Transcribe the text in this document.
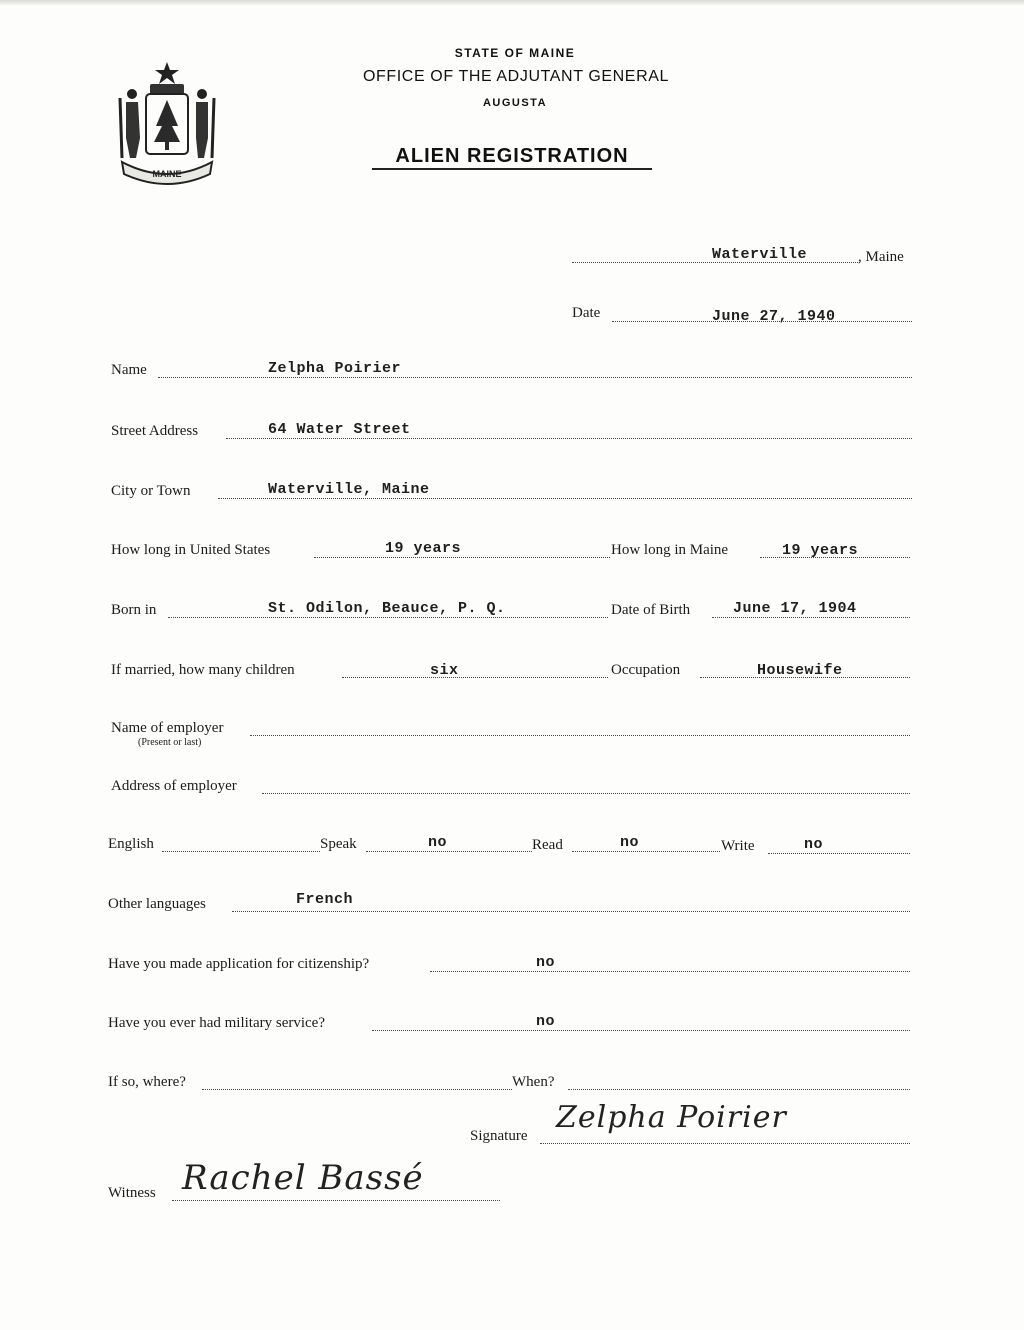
MAINE
STATE OF MAINE
OFFICE OF THE ADJUTANT GENERAL
AUGUSTA
ALIEN REGISTRATION
Waterville	, Maine
Date	June 27, 1940
Name	Zelpha Poirier
Street Address	64 Water Street
City or Town	Waterville, Maine
How long in United States	19 years	How long in Maine	19 years
Born in	St. Odilon, Beauce, P. Q.	Date of Birth	June 17, 1904
If married, how many children	six	Occupation	Housewife
Name of employer
(Present or last)
Address of employer
English	Speak	no	Read	no	Write	no
Other languages	French
Have you made application for citizenship?	no
Have you ever had military service?	no
If so, where?	When?
Signature
Zelpha Poirier
Witness Rachel Bassé
